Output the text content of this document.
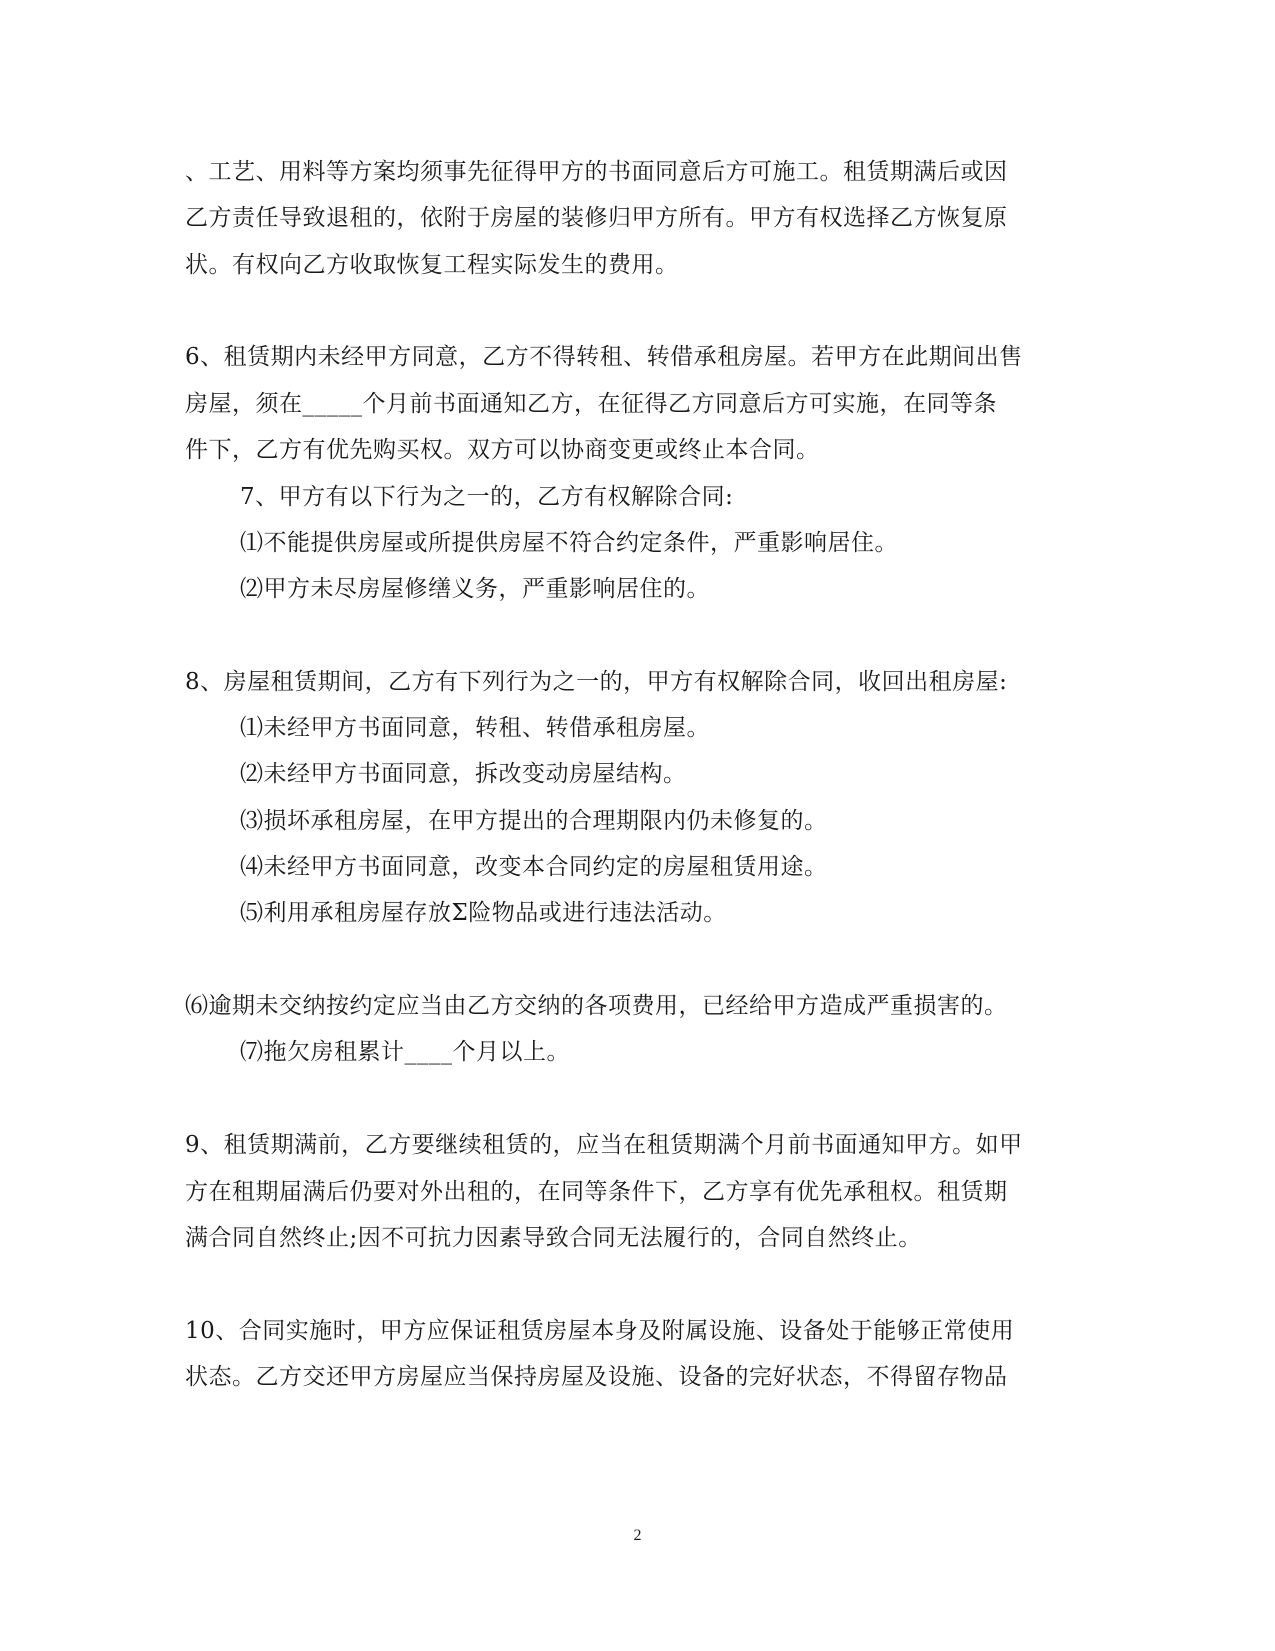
、工艺、用料等方案均须事先征得甲方的书面同意后方可施工。租赁期满后或因
乙方责任导致退租的，依附于房屋的装修归甲方所有。甲方有权选择乙方恢复原
状。有权向乙方收取恢复工程实际发生的费用。
6、租赁期内未经甲方同意，乙方不得转租、转借承租房屋。若甲方在此期间出售
房屋，须在_____个月前书面通知乙方，在征得乙方同意后方可实施，在同等条
件下，乙方有优先购买权。双方可以协商变更或终止本合同。
7、甲方有以下行为之一的，乙方有权解除合同:
⑴不能提供房屋或所提供房屋不符合约定条件，严重影响居住。
⑵甲方未尽房屋修缮义务，严重影响居住的。
8、房屋租赁期间，乙方有下列行为之一的，甲方有权解除合同，收回出租房屋:
⑴未经甲方书面同意，转租、转借承租房屋。
⑵未经甲方书面同意，拆改变动房屋结构。
⑶损坏承租房屋，在甲方提出的合理期限内仍未修复的。
⑷未经甲方书面同意，改变本合同约定的房屋租赁用途。
⑸利用承租房屋存放Σ险物品或进行违法活动。
⑹逾期未交纳按约定应当由乙方交纳的各项费用，已经给甲方造成严重损害的。
⑺拖欠房租累计____个月以上。
9、租赁期满前，乙方要继续租赁的，应当在租赁期满个月前书面通知甲方。如甲
方在租期届满后仍要对外出租的，在同等条件下，乙方享有优先承租权。租赁期
满合同自然终止;因不可抗力因素导致合同无法履行的，合同自然终止。
10、合同实施时，甲方应保证租赁房屋本身及附属设施、设备处于能够正常使用
状态。乙方交还甲方房屋应当保持房屋及设施、设备的完好状态，不得留存物品
2
